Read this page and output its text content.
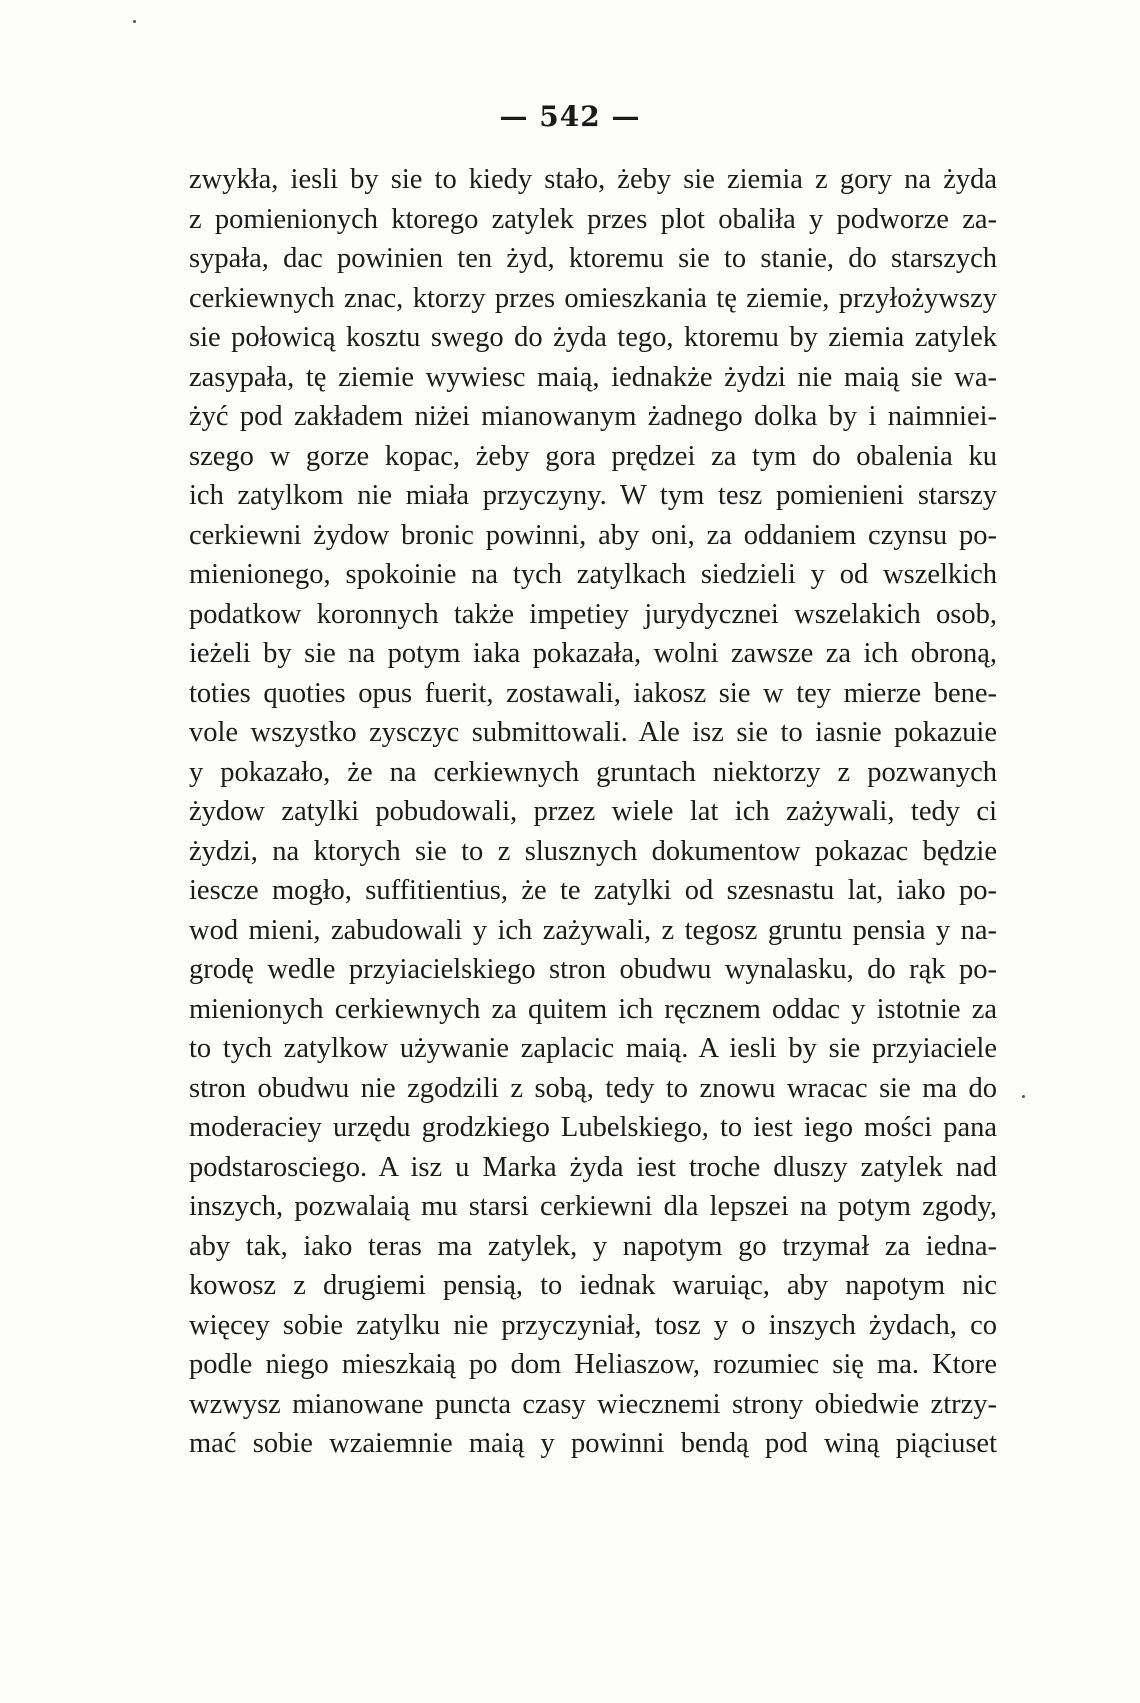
— 542 —
zwykła, iesli by sie to kiedy stało, żeby sie ziemia z gory na żyda
z pomienionych ktorego zatylek przes plot obaliła y podworze za-
sypała, dac powinien ten żyd, ktoremu sie to stanie, do starszych
cerkiewnych znac, ktorzy przes omieszkania tę ziemie, przyłożywszy
sie połowicą kosztu swego do żyda tego, ktoremu by ziemia zatylek
zasypała, tę ziemie wywiesc maią, iednakże żydzi nie maią sie wa-
żyć pod zakładem niżei mianowanym żadnego dolka by i naimniei-
szego w gorze kopac, żeby gora prędzei za tym do obalenia ku
ich zatylkom nie miała przyczyny. W tym tesz pomienieni starszy
cerkiewni żydow bronic powinni, aby oni, za oddaniem czynsu po-
mienionego, spokoinie na tych zatylkach siedzieli y od wszelkich
podatkow koronnych także impetiey jurydycznei wszelakich osob,
ieżeli by sie na potym iaka pokazała, wolni zawsze za ich obroną,
toties quoties opus fuerit, zostawali, iakosz sie w tey mierze bene-
vole wszystko zysczyc submittowali. Ale isz sie to iasnie pokazuie
y pokazało, że na cerkiewnych gruntach niektorzy z pozwanych
żydow zatylki pobudowali, przez wiele lat ich zażywali, tedy ci
żydzi, na ktorych sie to z slusznych dokumentow pokazac będzie
iescze mogło, suffitientius, że te zatylki od szesnastu lat, iako po-
wod mieni, zabudowali y ich zażywali, z tegosz gruntu pensia y na-
grodę wedle przyiacielskiego stron obudwu wynalasku, do rąk po-
mienionych cerkiewnych za quitem ich ręcznem oddac y istotnie za
to tych zatylkow używanie zaplacic maią. A iesli by sie przyiaciele
stron obudwu nie zgodzili z sobą, tedy to znowu wracac sie ma do
moderaciey urzędu grodzkiego Lubelskiego, to iest iego mości pana
podstarosciego. A isz u Marka żyda iest troche dluszy zatylek nad
inszych, pozwalaią mu starsi cerkiewni dla lepszei na potym zgody,
aby tak, iako teras ma zatylek, y napotym go trzymał za iedna-
kowosz z drugiemi pensią, to iednak waruiąc, aby napotym nic
więcey sobie zatylku nie przyczyniał, tosz y o inszych żydach, co
podle niego mieszkaią po dom Heliaszow, rozumiec się ma. Ktore
wzwysz mianowane puncta czasy wiecznemi strony obiedwie ztrzy-
mać sobie wzaiemnie maią y powinni bendą pod winą piąciuset
